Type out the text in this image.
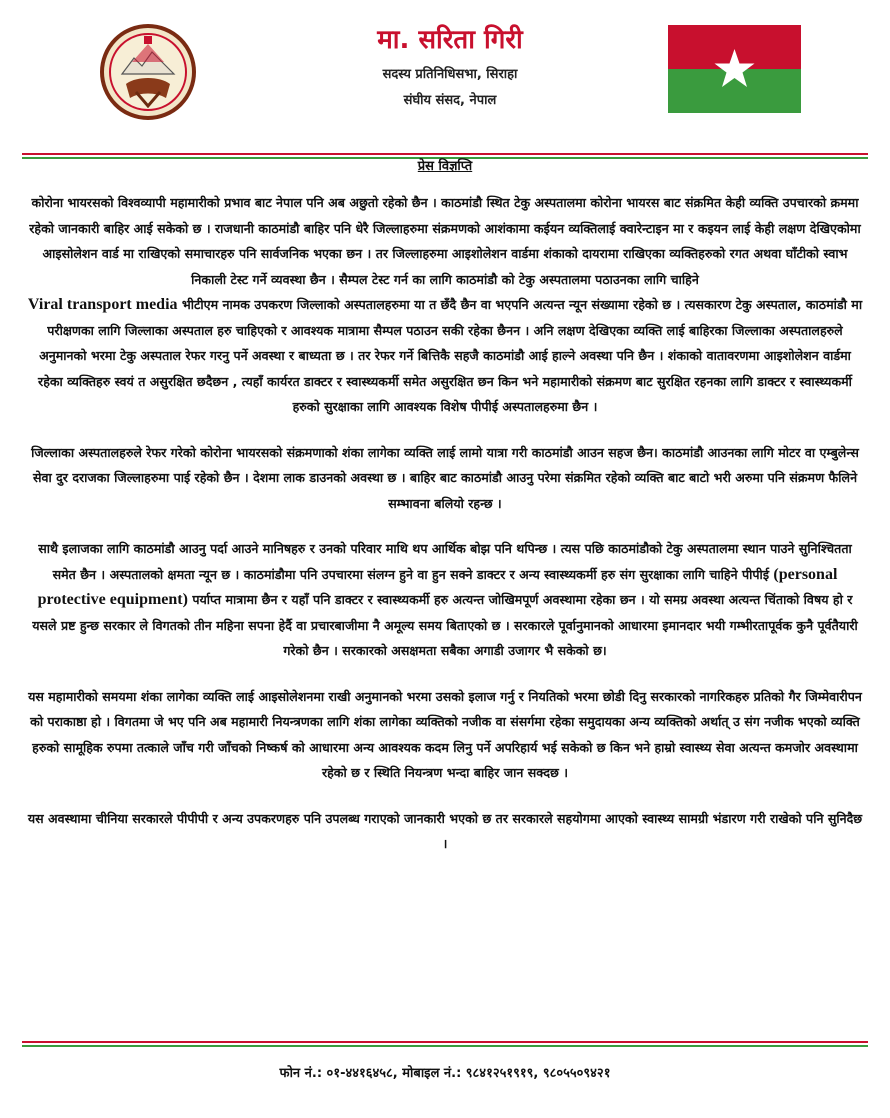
मा. सरिता गिरी

सदस्य प्रतिनिधिसभा, सिराहा

संघीय संसद, नेपाल

प्रेस विज्ञप्ति

कोरोना भायरसको विश्वव्यापी महामारीको प्रभाव बाट नेपाल पनि अब अछुतो रहेको छैन । काठमांडौ स्थित टेकु अस्पतालमा कोरोना भायरस बाट संक्रमित केही व्यक्ति उपचारको क्रममा रहेको जानकारी बाहिर आई सकेको छ । राजधानी काठमांडौ बाहिर पनि धेरै जिल्लाहरुमा संक्रमणको आशंकामा कईयन व्यक्तिलाई क्वारेन्टाइन मा र कइयन लाई केही लक्षण देखिएकोमा आइसोलेशन वार्ड मा राखिएको समाचारहरु पनि सार्वजनिक भएका छन । तर जिल्लाहरुमा आइशोलेशन वार्डमा शंकाको दायरामा राखिएका व्यक्तिहरुको रगत अथवा घाँटीको स्वाभ निकाली टेस्ट गर्ने व्यवस्था छैन । सैम्पल टेस्ट गर्न का लागि काठमांडौ को टेकु अस्पतालमा पठाउनका लागि चाहिने
Viral transport media भीटीएम नामक उपकरण जिल्लाको अस्पतालहरुमा या त छँदै छैन वा भएपनि अत्यन्त न्यून संख्यामा रहेको छ । त्यसकारण टेकु अस्पताल, काठमांडौ मा परीक्षणका लागि जिल्लाका अस्पताल हरु चाहिएको र आवश्यक मात्रामा सैम्पल पठाउन सकी रहेका छैनन । अनि लक्षण देखिएका व्यक्ति लाई बाहिरका जिल्लाका अस्पतालहरुले अनुमानको भरमा टेकु अस्पताल रेफर गरनु पर्ने अवस्था र बाध्यता छ । तर रेफर गर्ने बित्तिकै सहजै काठमांडौ आई हाल्ने अवस्था पनि छैन । शंकाको वातावरणमा आइशोलेशन वार्डमा रहेका व्यक्तिहरु स्वयं त असुरक्षित छदैछन , त्यहाँ कार्यरत डाक्टर र स्वास्थ्यकर्मी समेत असुरक्षित छन किन भने महामारीको संक्रमण बाट सुरक्षित रहनका लागि डाक्टर र स्वास्थ्यकर्मी हरुको सुरक्षाका लागि आवश्यक विशेष पीपीई अस्पतालहरुमा छैन ।

जिल्लाका अस्पतालहरुले रेफर गरेको कोरोना भायरसको संक्रमणाको शंका लागेका व्यक्ति लाई लामो यात्रा गरी काठमांडौ आउन सहज छैन। काठमांडौ आउनका लागि मोटर वा एम्बुलेन्स सेवा दुर दराजका जिल्लाहरुमा पाई रहेको छैन । देशमा लाक डाउनको अवस्था छ । बाहिर बाट काठमांडौ आउनु परेमा संक्रमित रहेको व्यक्ति बाट बाटो भरी अरुमा पनि संक्रमण फैलिने सम्भावना बलियो रहन्छ ।

साथै इलाजका लागि काठमांडौ आउनु पर्दा आउने मानिषहरु र उनको परिवार माथि थप आर्थिक बोझ पनि थपिन्छ । त्यस पछि काठमांडौको टेकु अस्पतालमा स्थान पाउने सुनिश्चितता समेत छैन । अस्पतालको क्षमता न्यून छ । काठमांडौमा पनि उपचारमा संलग्न हुने वा हुन सक्ने डाक्टर र अन्य स्वास्थ्यकर्मी हरु संग सुरक्षाका लागि चाहिने पीपीई (personal protective equipment) पर्याप्त मात्रामा छैन र यहाँ पनि डाक्टर र स्वास्थ्यकर्मी हरु अत्यन्त जोखिमपूर्ण अवस्थामा रहेका छन । यो समग्र अवस्था अत्यन्त चिंताको विषय हो र यसले प्रष्ट हुन्छ सरकार ले विगतको तीन महिना सपना हेर्दै वा प्रचारबाजीमा नै अमूल्य समय बिताएको छ । सरकारले पूर्वानुमानको आधारमा इमानदार भयी गम्भीरतापूर्वक कुनै पूर्वतैयारी गरेको छैन । सरकारको असक्षमता सबैका अगाडी उजागर भै सकेको छ।

यस महामारीको समयमा शंका लागेका व्यक्ति लाई आइसोलेशनमा राखी अनुमानको भरमा उसको इलाज गर्नु र नियतिको भरमा छोडी दिनु सरकारको नागरिकहरु प्रतिको गैर जिम्मेवारीपन को पराकाष्ठा हो । विगतमा जे भए पनि अब महामारी नियन्त्रणका लागि शंका लागेका व्यक्तिको नजीक वा संसर्गमा रहेका समुदायका अन्य व्यक्तिको अर्थात् उ संग नजीक भएको व्यक्ति हरुको सामूहिक रुपमा तत्काले जाँच गरी जाँचको निष्कर्ष को आधारमा अन्य आवश्यक कदम लिनु पर्ने अपरिहार्य भई सकेको छ किन भने हाम्रो स्वास्थ्य सेवा अत्यन्त कमजोर अवस्थामा रहेको छ र स्थिति नियन्त्रण भन्दा बाहिर जान सक्दछ ।

यस अवस्थामा चीनिया सरकारले पीपीपी र अन्य उपकरणहरु पनि उपलब्ध गराएको जानकारी भएको छ तर सरकारले सहयोगमा आएको स्वास्थ्य सामग्री भंडारण गरी राखेको पनि सुनिदैछ ।

फोन नं.: ०१-४४१६४५८, मोबाइल नं.: ९८४१२५१९१९, ९८०५५०९४२१
